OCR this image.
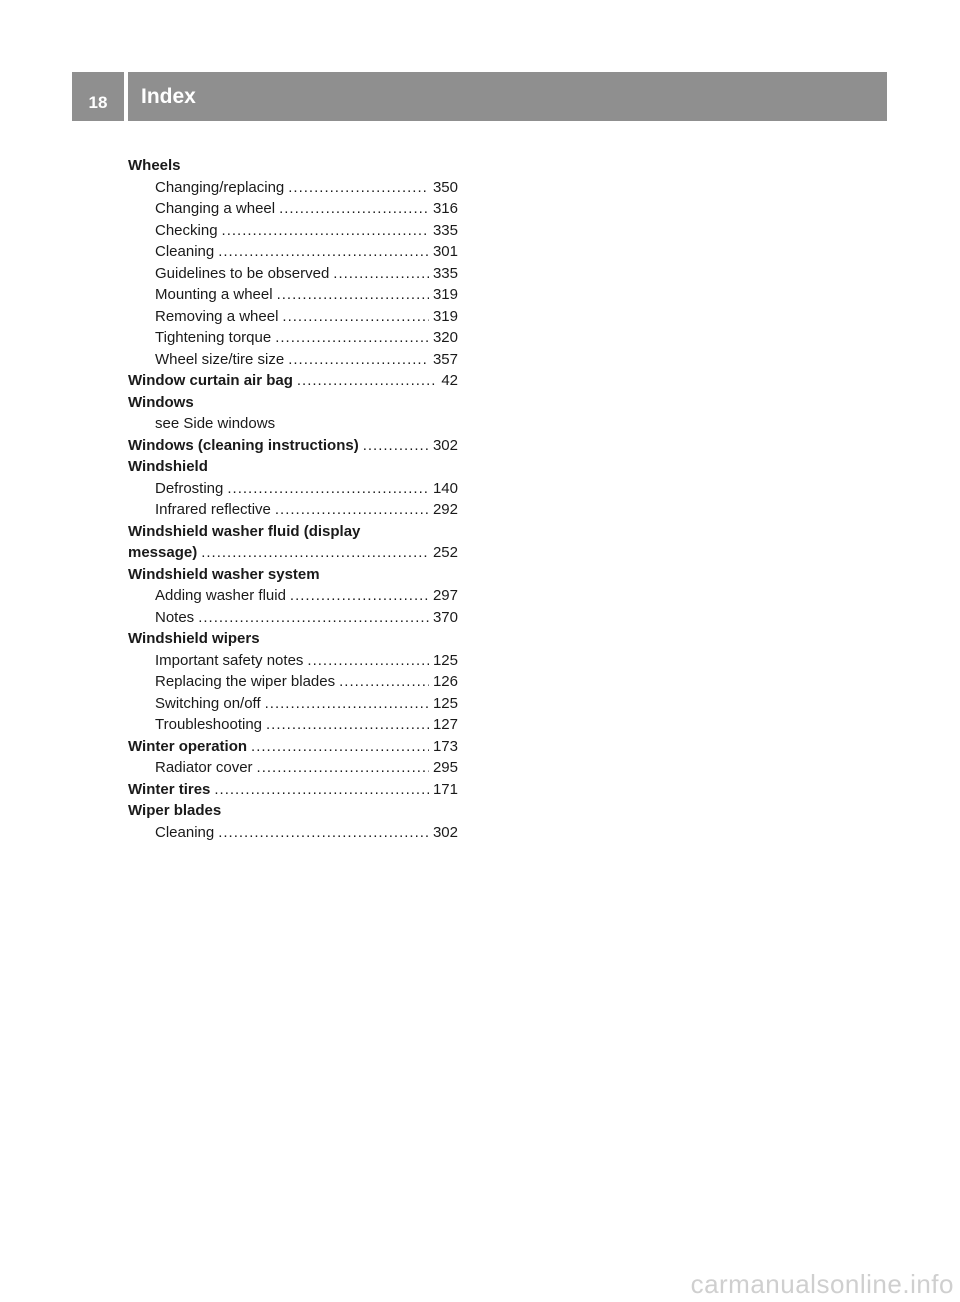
18	Index
Wheels
Changing/replacing .....	350
Changing a wheel .....	316
Checking .....	335
Cleaning .....	301
Guidelines to be observed .....	335
Mounting a wheel .....	319
Removing a wheel .....	319
Tightening torque .....	320
Wheel size/tire size .....	357
Window curtain air bag .....	42
Windows
see Side windows
Windows (cleaning instructions) .....	302
Windshield
Defrosting .....	140
Infrared reflective .....	292
Windshield washer fluid (display
message) .....	252
Windshield washer system
Adding washer fluid .....	297
Notes .....	370
Windshield wipers
Important safety notes .....	125
Replacing the wiper blades .....	126
Switching on/off .....	125
Troubleshooting .....	127
Winter operation .....	173
Radiator cover .....	295
Winter tires .....	171
Wiper blades
Cleaning .....	302
carmanualsonline.info
